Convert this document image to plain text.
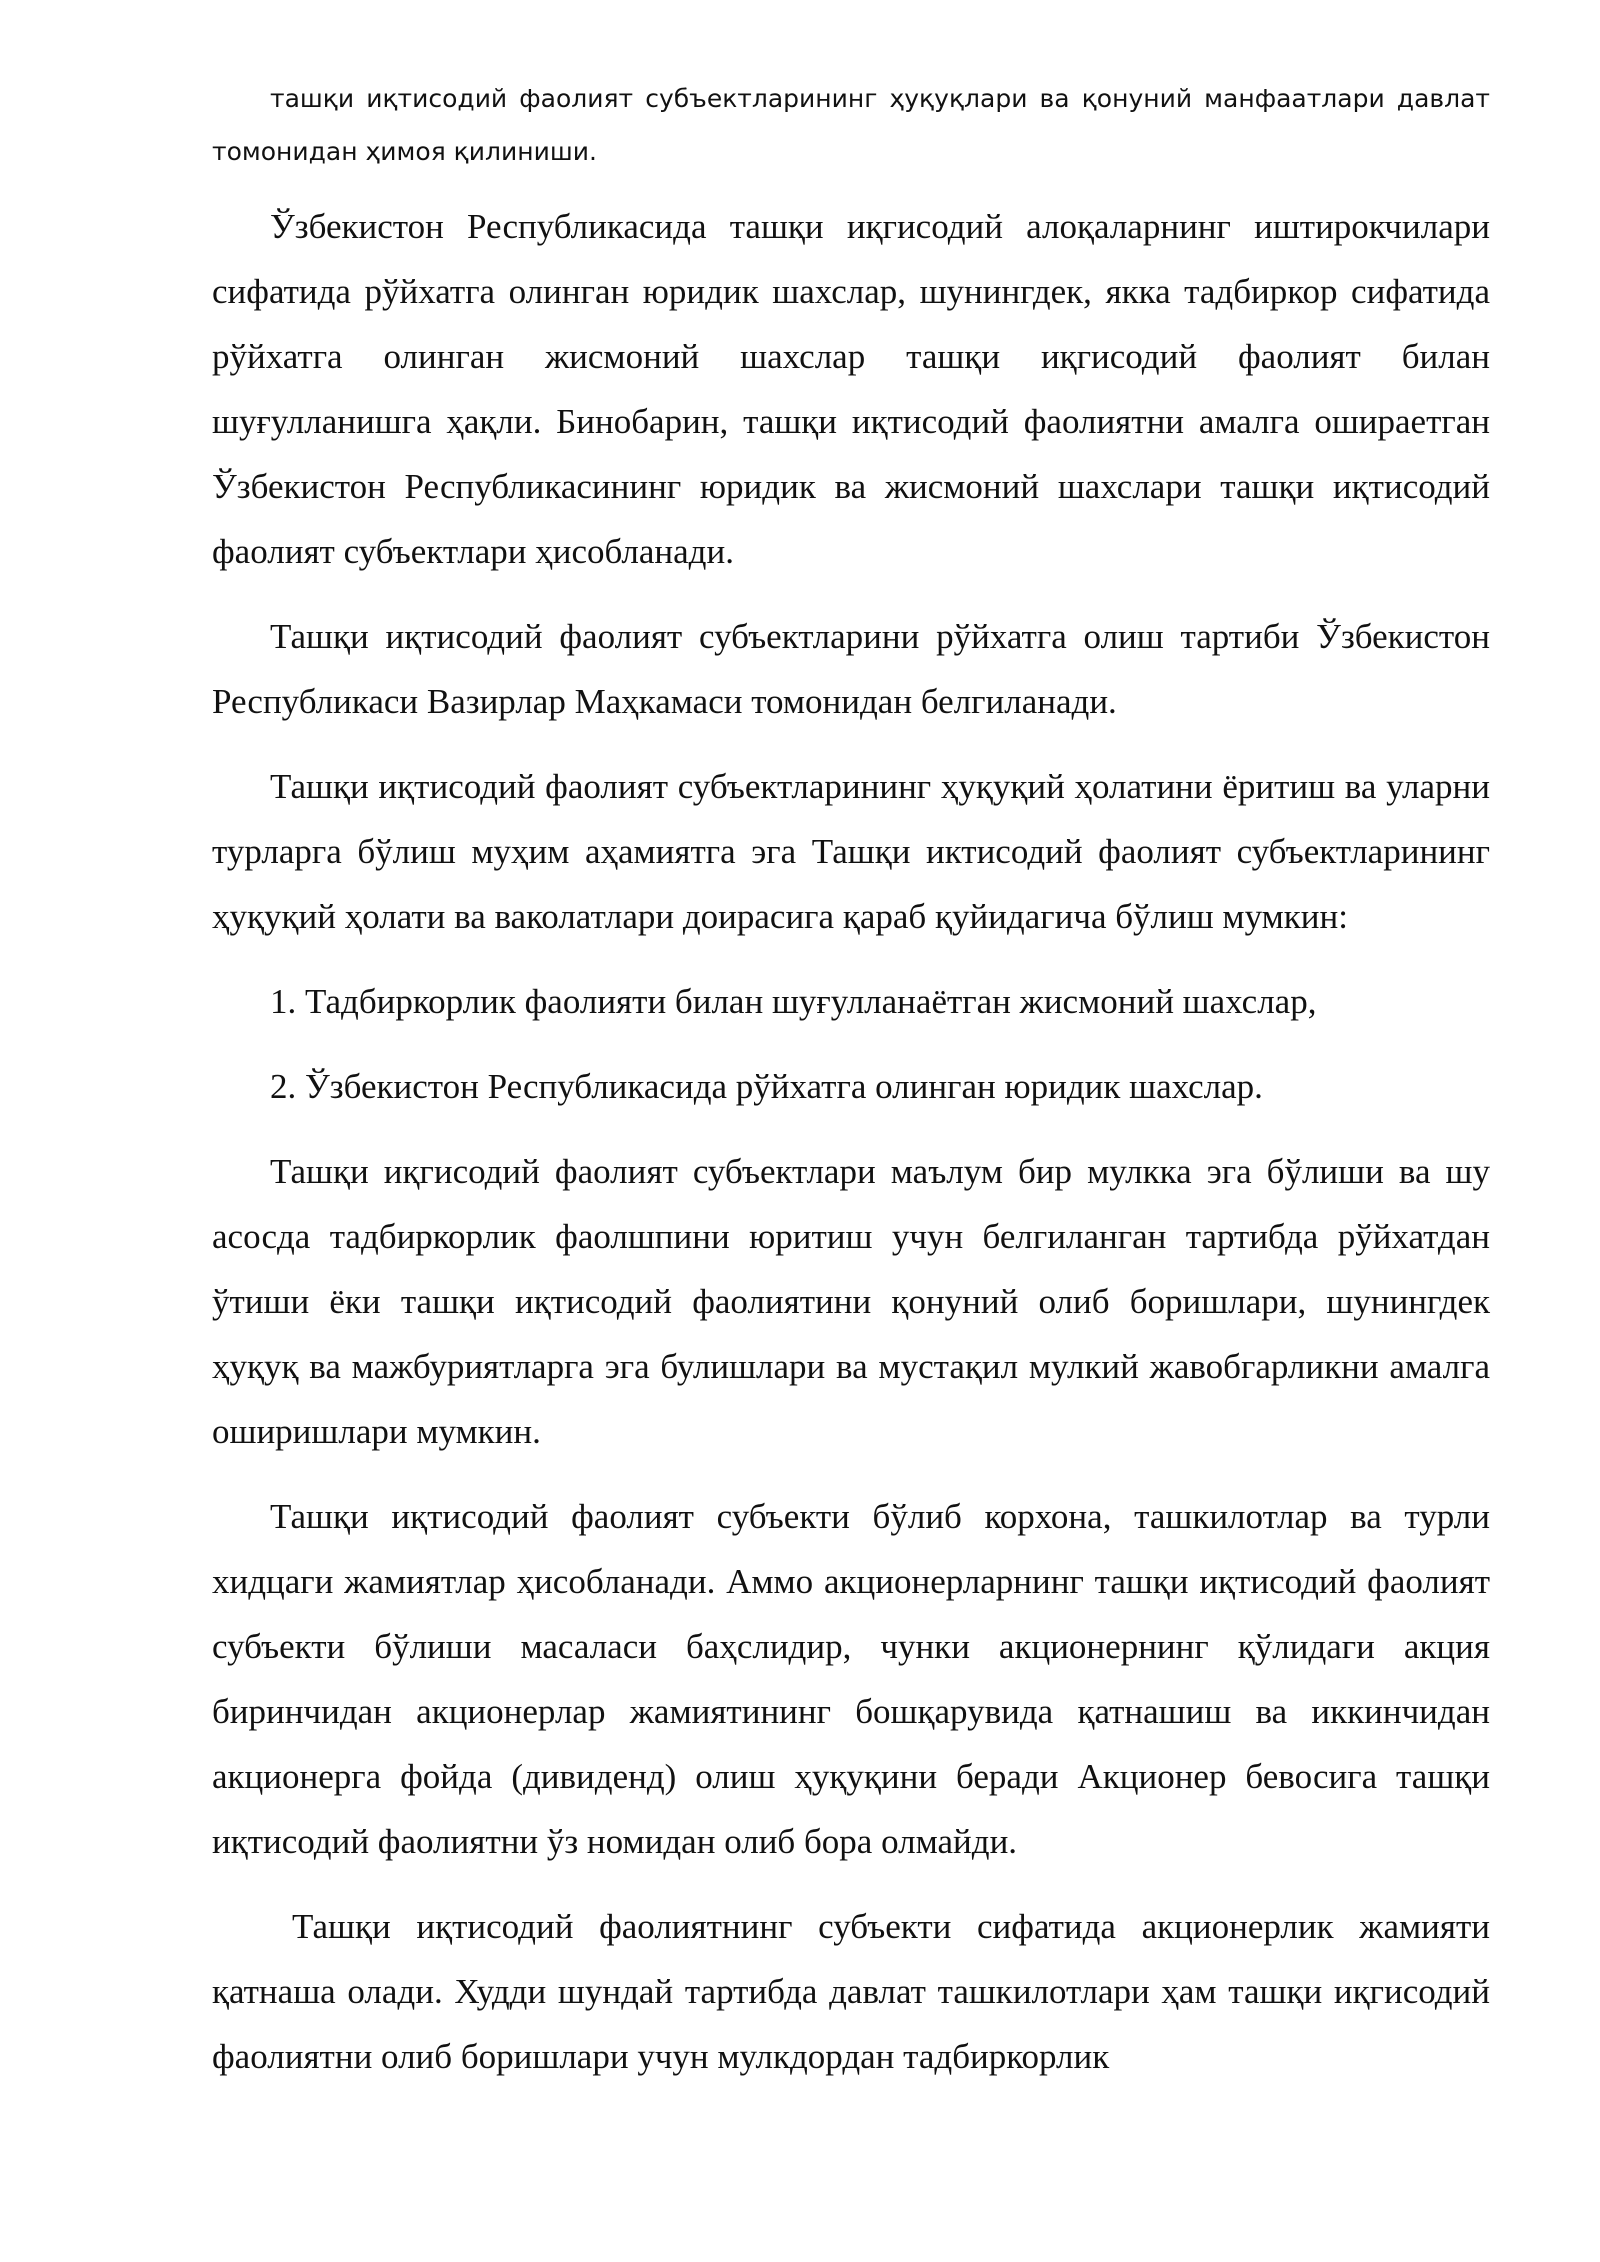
ташқи иқтисодий фаолият субъектларининг ҳуқуқлари ва қонуний манфаатлари давлат томонидан ҳимоя қилиниши.

Ўзбекистон Республикасида ташқи иқгисодий алоқаларнинг иштирокчилари сифатида рўйхатга олинган юридик шахслар, шунингдек, якка тадбиркор сифатида рўйхатга олинган жисмоний шахслар ташқи иқгисодий фаолият билан шуғулланишга ҳақли. Бинобарин, ташқи иқтисодий фаолиятни амалга ошираетган Ўзбекистон Республикасининг юридик ва жисмоний шахслари ташқи иқтисодий фаолият субъектлари ҳисобланади.

Ташқи иқтисодий фаолият субъектларини рўйхатга олиш тартиби Ўзбекистон Республикаси Вазирлар Маҳкамаси томонидан белгиланади.

Ташқи иқтисодий фаолият субъектларининг ҳуқуқий ҳолатини ёритиш ва уларни турларга бўлиш муҳим аҳамиятга эга Ташқи иктисодий фаолият субъектларининг ҳуқуқий ҳолати ва ваколатлари доирасига қараб қуйидагича бўлиш мумкин:

1. Тадбиркорлик фаолияти билан шуғулланаётган жисмоний шахслар,

2. Ўзбекистон Республикасида рўйхатга олинган юридик шахслар.

Ташқи иқгисодий фаолият субъектлари маълум бир мулкка эга бўлиши ва шу асосда тадбиркорлик фаолшпини юритиш учун белгиланган тартибда рўйхатдан ўтиши ёки ташқи иқтисодий фаолиятини қонуний олиб боришлари, шунингдек ҳуқуқ ва мажбуриятларга эга булишлари ва мустақил мулкий жавобгарликни амалга оширишлари мумкин.

Ташқи иқтисодий фаолият субъекти бўлиб корхона, ташкилотлар ва турли хидцаги жамиятлар ҳисобланади. Аммо акционерларнинг ташқи иқтисодий фаолият субъекти бўлиши масаласи баҳслидир, чунки акционернинг қўлидаги акция биринчидан акционерлар жамиятининг бошқарувида қатнашиш ва иккинчидан акционерга фойда (дивиденд) олиш ҳуқуқини беради Акционер бевосига ташқи иқтисодий фаолиятни ўз номидан олиб бора олмайди.

Ташқи иқтисодий фаолиятнинг субъекти сифатида акционерлик жамияти қатнаша олади. Худди шундай тартибда давлат ташкилотлари ҳам ташқи иқгисодий фаолиятни олиб боришлари учун мулкдордан тадбиркорлик
